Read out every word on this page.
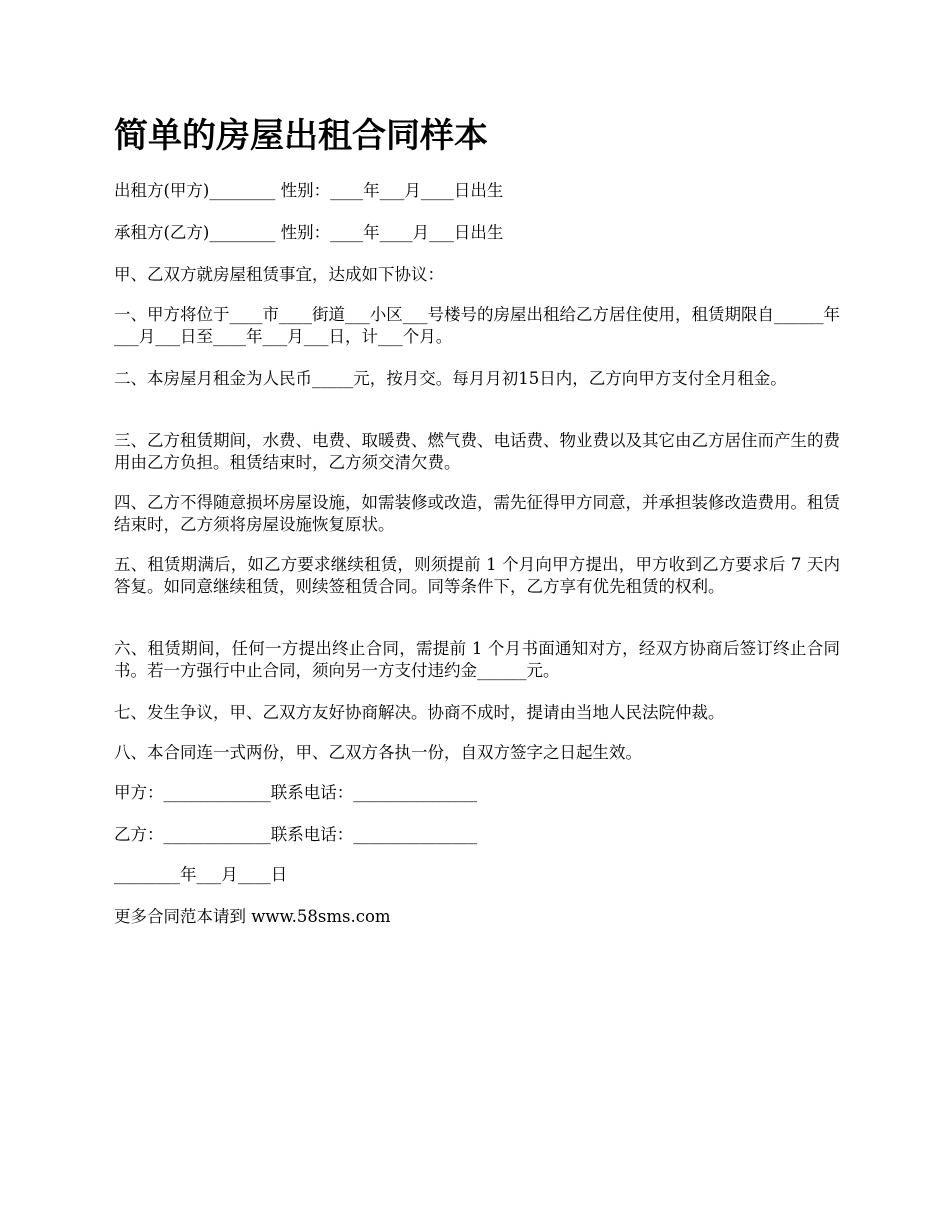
简单的房屋出租合同样本

出租方(甲方)________ 性别：____年___月____日出生

承租方(乙方)________ 性别：____年____月___日出生

甲、乙双方就房屋租赁事宜，达成如下协议：

一、甲方将位于____市____街道___小区___号楼号的房屋出租给乙方居住使用，租赁期限自______年___月___日至____年___月___日，计___个月。

二、本房屋月租金为人民币_____元，按月交。每月月初15日内，乙方向甲方支付全月租金。

三、乙方租赁期间，水费、电费、取暖费、燃气费、电话费、物业费以及其它由乙方居住而产生的费用由乙方负担。租赁结束时，乙方须交清欠费。

四、乙方不得随意损坏房屋设施，如需装修或改造，需先征得甲方同意，并承担装修改造费用。租赁结束时，乙方须将房屋设施恢复原状。

五、租赁期满后，如乙方要求继续租赁，则须提前 1 个月向甲方提出，甲方收到乙方要求后 7 天内答复。如同意继续租赁，则续签租赁合同。同等条件下，乙方享有优先租赁的权利。

六、租赁期间，任何一方提出终止合同，需提前 1 个月书面通知对方，经双方协商后签订终止合同书。若一方强行中止合同，须向另一方支付违约金______元。

七、发生争议，甲、乙双方友好协商解决。协商不成时，提请由当地人民法院仲裁。

八、本合同连一式两份，甲、乙双方各执一份，自双方签字之日起生效。

甲方：_____________联系电话：_______________

乙方：_____________联系电话：_______________

________年___月____日

更多合同范本请到 www.58sms.com
